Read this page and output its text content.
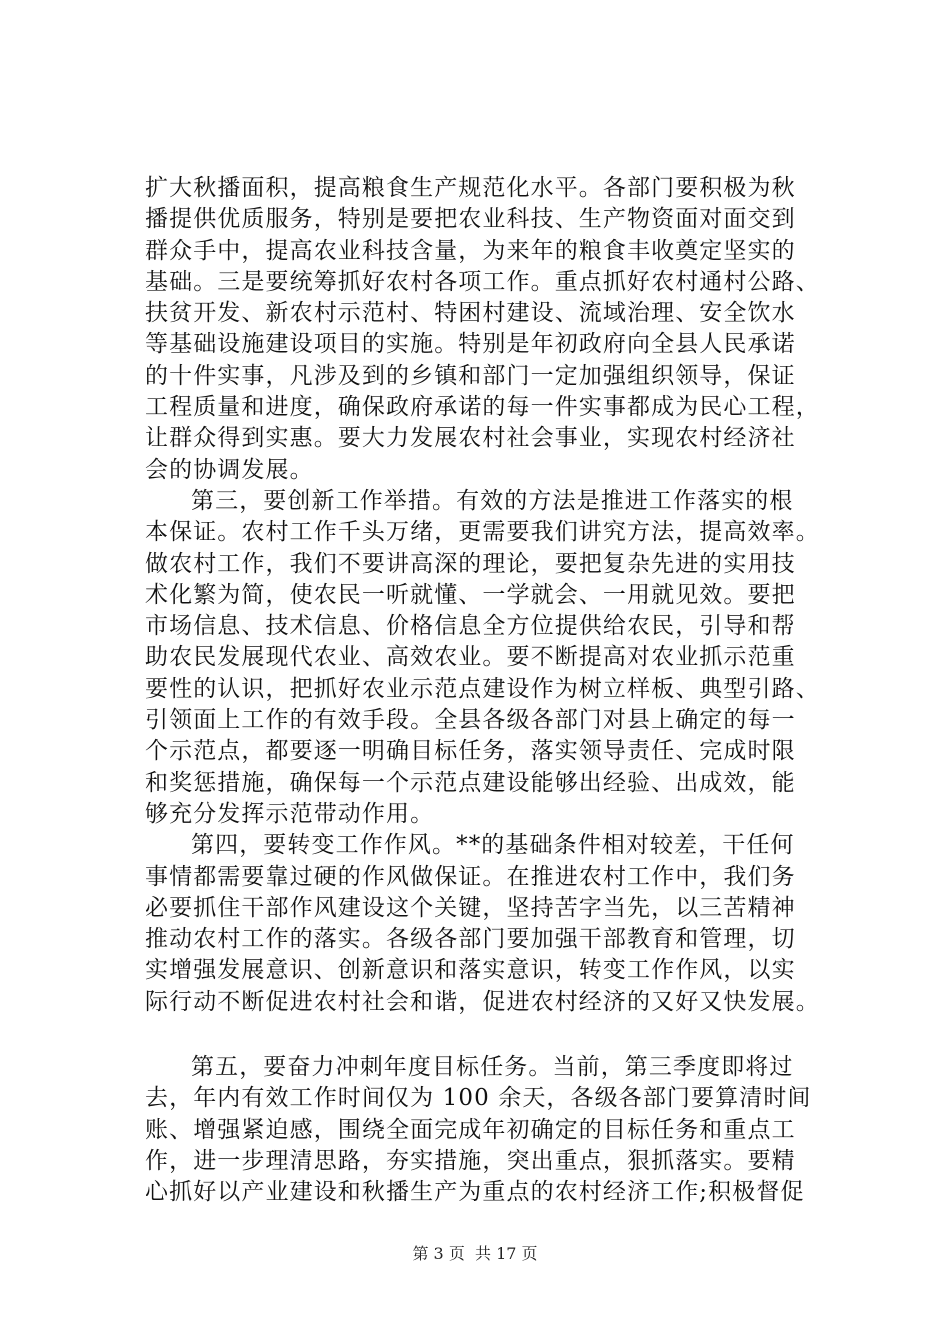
扩大秋播面积，提高粮食生产规范化水平。各部门要积极为秋
播提供优质服务，特别是要把农业科技、生产物资面对面交到
群众手中，提高农业科技含量，为来年的粮食丰收奠定坚实的
基础。三是要统筹抓好农村各项工作。重点抓好农村通村公路、
扶贫开发、新农村示范村、特困村建设、流域治理、安全饮水
等基础设施建设项目的实施。特别是年初政府向全县人民承诺
的十件实事，凡涉及到的乡镇和部门一定加强组织领导，保证
工程质量和进度，确保政府承诺的每一件实事都成为民心工程，
让群众得到实惠。要大力发展农村社会事业，实现农村经济社
会的协调发展。
第三，要创新工作举措。有效的方法是推进工作落实的根
本保证。农村工作千头万绪，更需要我们讲究方法，提高效率。
做农村工作，我们不要讲高深的理论，要把复杂先进的实用技
术化繁为简，使农民一听就懂、一学就会、一用就见效。要把
市场信息、技术信息、价格信息全方位提供给农民，引导和帮
助农民发展现代农业、高效农业。要不断提高对农业抓示范重
要性的认识，把抓好农业示范点建设作为树立样板、典型引路、
引领面上工作的有效手段。全县各级各部门对县上确定的每一
个示范点，都要逐一明确目标任务，落实领导责任、完成时限
和奖惩措施，确保每一个示范点建设能够出经验、出成效，能
够充分发挥示范带动作用。
第四，要转变工作作风。**的基础条件相对较差，干任何
事情都需要靠过硬的作风做保证。在推进农村工作中，我们务
必要抓住干部作风建设这个关键，坚持苦字当先，以三苦精神
推动农村工作的落实。各级各部门要加强干部教育和管理，切
实增强发展意识、创新意识和落实意识，转变工作作风，以实
际行动不断促进农村社会和谐，促进农村经济的又好又快发展。
第五，要奋力冲刺年度目标任务。当前，第三季度即将过
去，年内有效工作时间仅为 100 余天，各级各部门要算清时间
账、增强紧迫感，围绕全面完成年初确定的目标任务和重点工
作，进一步理清思路，夯实措施，突出重点，狠抓落实。要精
心抓好以产业建设和秋播生产为重点的农村经济工作;积极督促
第 3 页  共 17 页
